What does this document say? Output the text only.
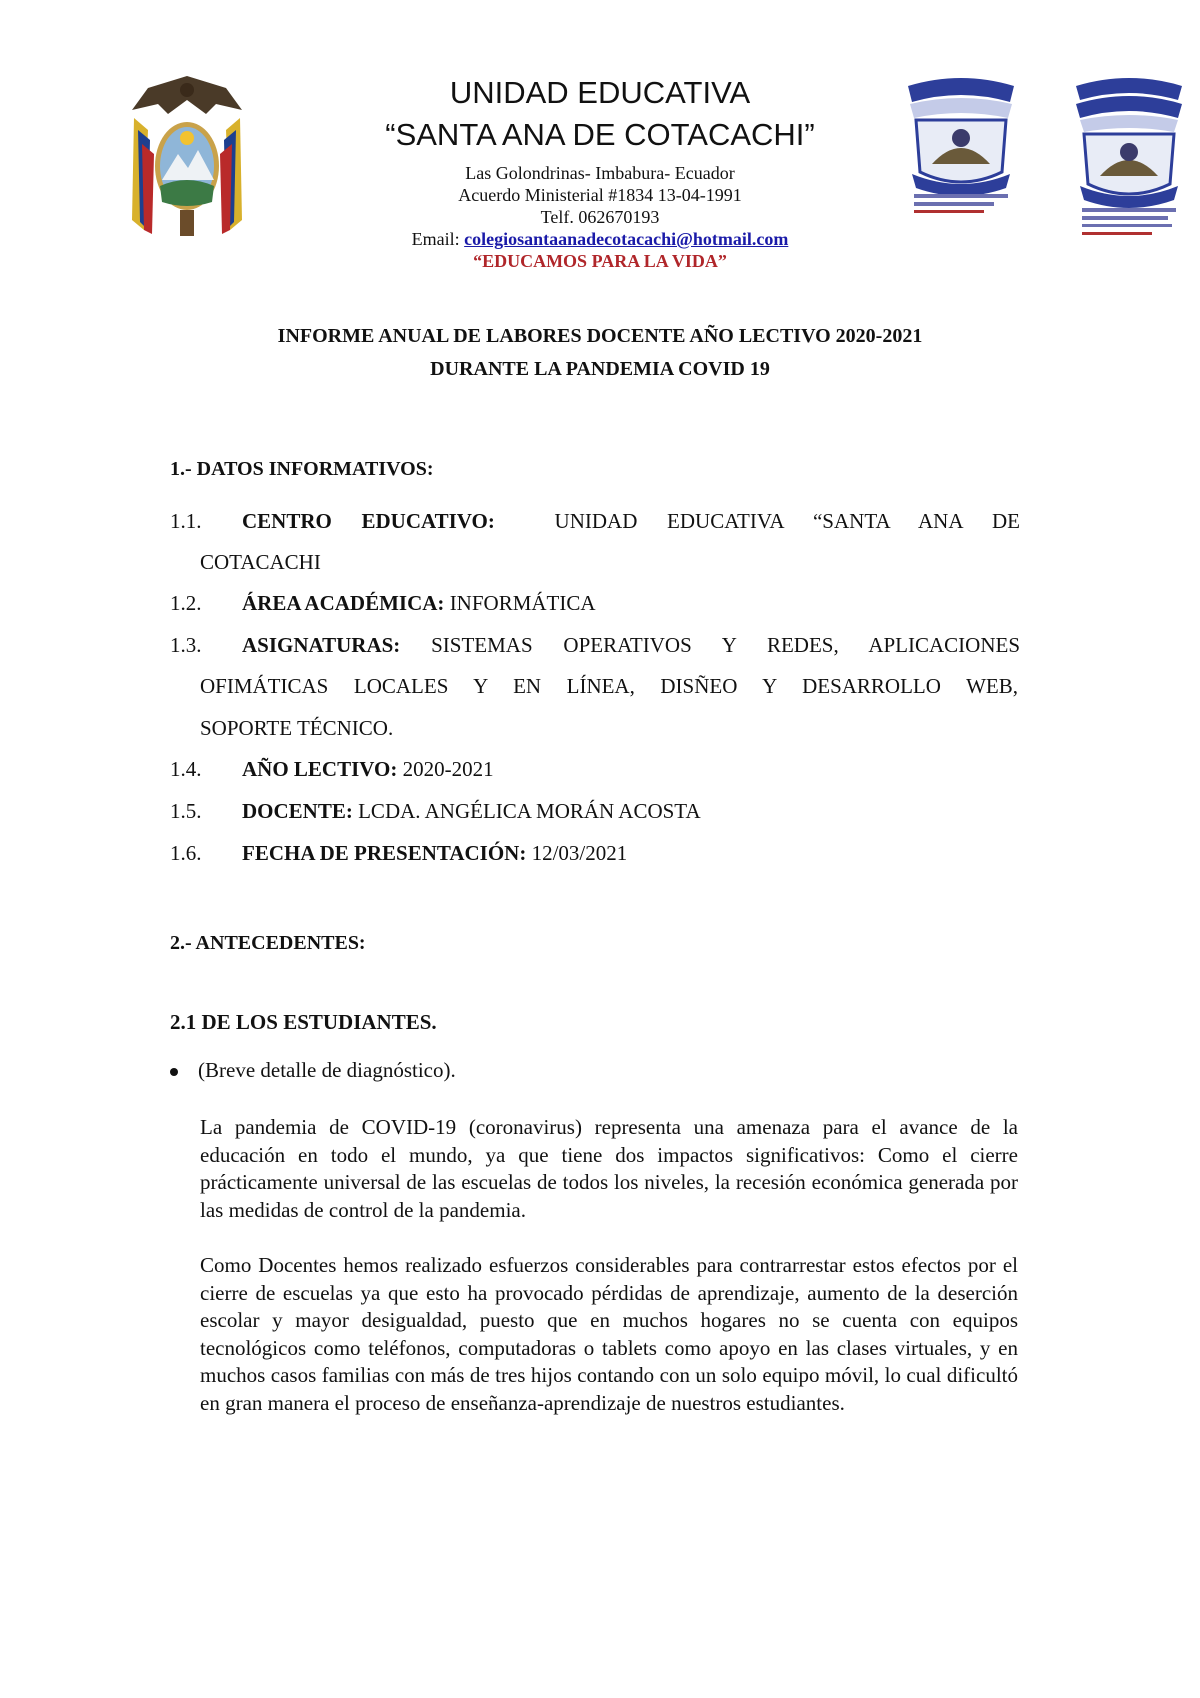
UNIDAD EDUCATIVA
“SANTA ANA DE COTACACHI”
Las Golondrinas- Imbabura- Ecuador
Acuerdo Ministerial #1834 13-04-1991
Telf. 062670193
Email: colegiosantaanadecotacachi@hotmail.com
“EDUCAMOS PARA LA VIDA”
INFORME ANUAL DE LABORES DOCENTE AÑO LECTIVO 2020-2021
DURANTE LA PANDEMIA COVID 19
1.- DATOS INFORMATIVOS:
1.1. CENTRO EDUCATIVO:	UNIDAD EDUCATIVA “SANTA ANA DE
COTACACHI
1.2. ÁREA ACADÉMICA: INFORMÁTICA
1.3. ASIGNATURAS: SISTEMAS OPERATIVOS Y REDES, APLICACIONES
OFIMÁTICAS LOCALES Y EN LÍNEA, DISÑEO Y DESARROLLO WEB,
SOPORTE TÉCNICO.
1.4. AÑO LECTIVO: 2020-2021
1.5. DOCENTE: LCDA. ANGÉLICA MORÁN ACOSTA
1.6. FECHA DE PRESENTACIÓN: 12/03/2021
2.- ANTECEDENTES:
2.1 DE LOS ESTUDIANTES.
(Breve detalle de diagnóstico).
La pandemia de COVID-19 (coronavirus) representa una amenaza para el avance de la educación en todo el mundo, ya que tiene dos impactos significativos: Como el cierre prácticamente universal de las escuelas de todos los niveles, la recesión económica generada por las medidas de control de la pandemia.
Como Docentes hemos realizado esfuerzos considerables para contrarrestar estos efectos por el cierre de escuelas ya que esto ha provocado pérdidas de aprendizaje, aumento de la deserción escolar y mayor desigualdad, puesto que en muchos hogares no se cuenta con equipos tecnológicos como teléfonos, computadoras o tablets como apoyo en las clases virtuales, y en muchos casos familias con más de tres hijos contando con un solo equipo móvil, lo cual dificultó en gran manera el proceso de enseñanza-aprendizaje de nuestros estudiantes.
